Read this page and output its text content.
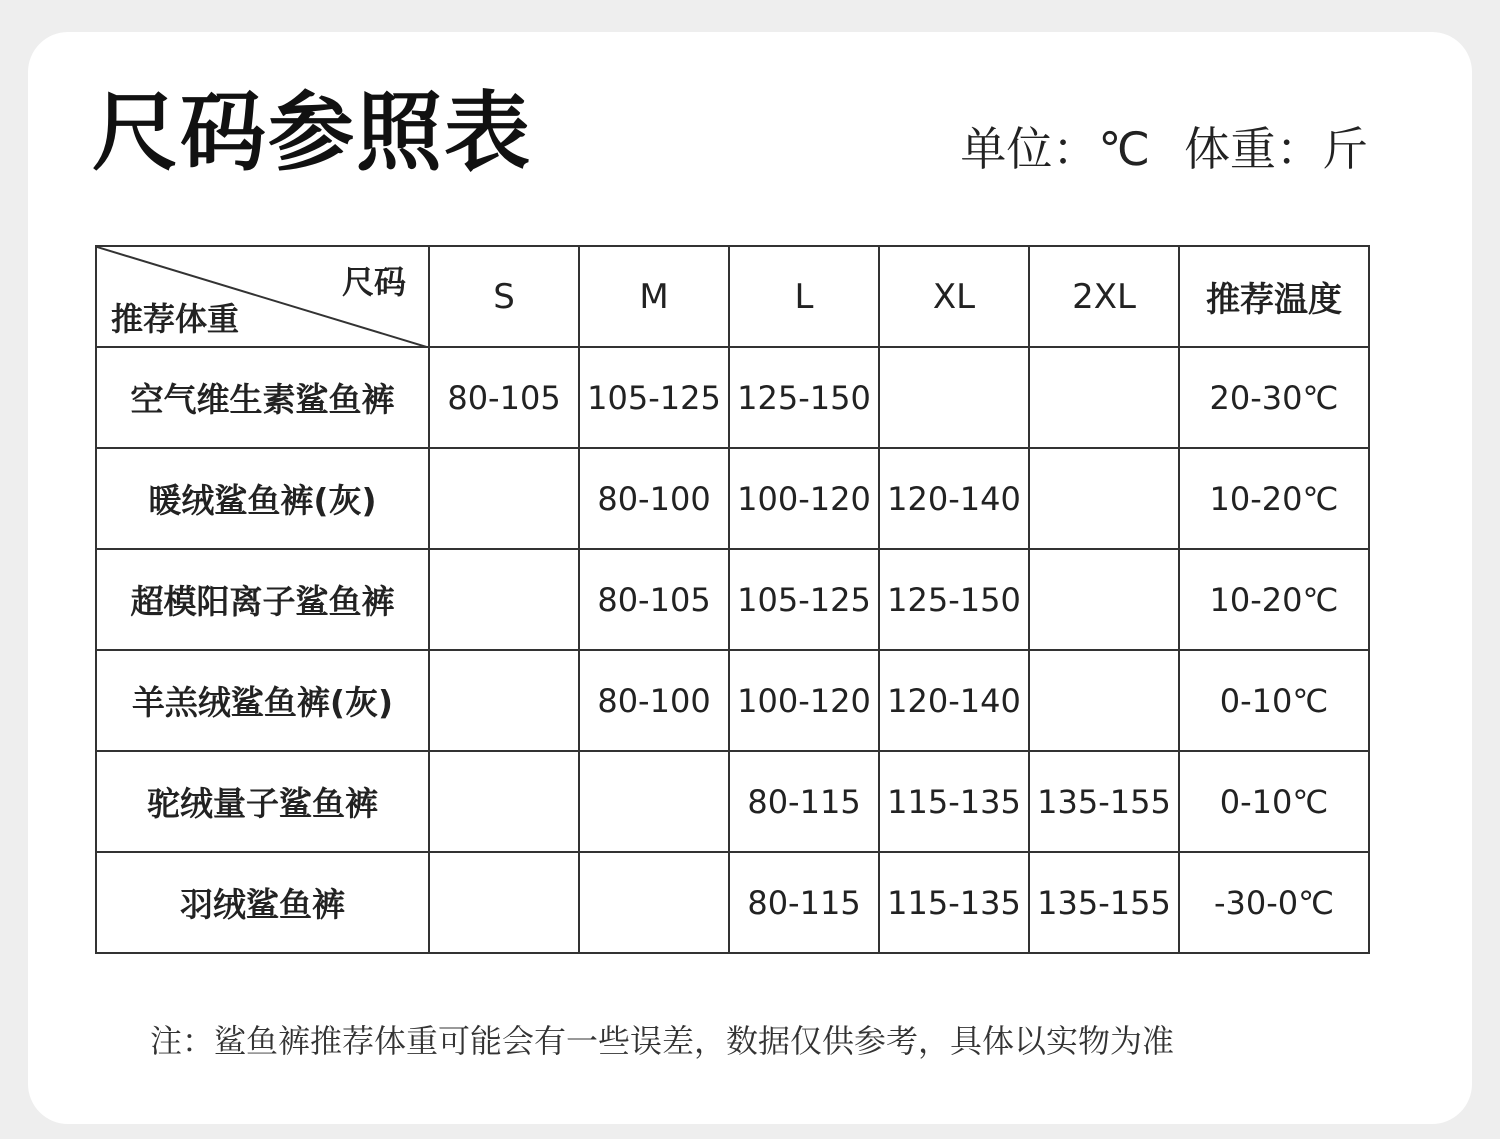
尺码参照表	单位：℃ 体重：斤
尺码
推荐体重	S	M	L	XL	2XL	推荐温度
空气维生素鲨鱼裤	80-105	105-125	125-150			20-30℃
暖绒鲨鱼裤(灰)		80-100	100-120	120-140		10-20℃
超模阳离子鲨鱼裤		80-105	105-125	125-150		10-20℃
羊羔绒鲨鱼裤(灰)		80-100	100-120	120-140		0-10℃
驼绒量子鲨鱼裤			80-115	115-135	135-155	0-10℃
羽绒鲨鱼裤			80-115	115-135	135-155	-30-0℃
注：鲨鱼裤推荐体重可能会有一些误差，数据仅供参考，具体以实物为准
